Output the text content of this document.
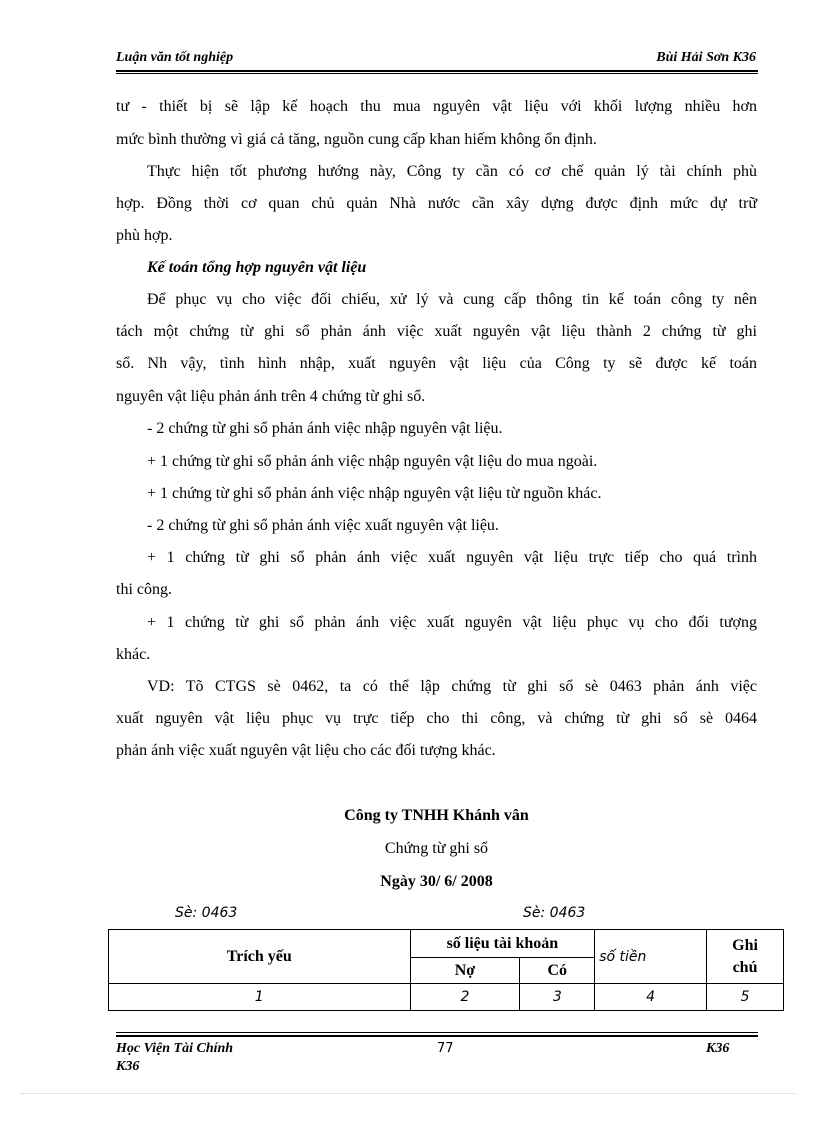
Luận văn tốt nghiệp	Bùi Hải Sơn K36
tư - thiết bị sẽ lập kế hoạch thu mua nguyên vật liệu với khối lượng nhiều hơn
mức bình thường vì giá cả tăng, nguồn cung cấp khan hiếm không ổn định.
Thực hiện tốt phương hướng này, Công ty cần có cơ chế quản lý tài chính phù
hợp. Đồng thời cơ quan chủ quản Nhà nước cần xây dựng được định mức dự trữ
phù hợp.
Kế toán tổng hợp nguyên vật liệu
Để phục vụ cho việc đối chiếu, xử lý và cung cấp thông tin kế toán công ty nên
tách một chứng từ ghi sổ phản ánh việc xuất nguyên vật liệu thành 2 chứng từ ghi
sổ. Nh vậy, tình hình nhập, xuất nguyên vật liệu của Công ty sẽ được kế toán
nguyên vật liệu phản ánh trên 4 chứng từ ghi sổ.
- 2 chứng từ ghi sổ phản ánh việc nhập nguyên vật liệu.
+ 1 chứng từ ghi sổ phản ánh việc nhập nguyên vật liệu do mua ngoài.
+ 1 chứng từ ghi sổ phản ánh việc nhập nguyên vật liệu từ nguồn khác.
- 2 chứng từ ghi sổ phản ánh việc xuất nguyên vật liệu.
+ 1 chứng từ ghi sổ phản ánh việc xuất nguyên vật liệu trực tiếp cho quá trình
thi công.
+ 1 chứng từ ghi sổ phản ánh việc xuất nguyên vật liệu phục vụ cho đối tượng
khác.
VD: Tõ CTGS sè 0462, ta có thể lập chứng từ ghi sổ sè 0463 phản ánh việc
xuất nguyên vật liệu phục vụ trực tiếp cho thi công, và chứng từ ghi sổ sè 0464
phản ánh việc xuất nguyên vật liệu cho các đối tượng khác.
Công ty TNHH Khánh vân
Chứng từ ghi sổ
Ngày 30/ 6/ 2008
Sè: 0463	Sè: 0463
Trích yếu	số liệu tài khoản		số tiền	Ghi
chú
	Nợ	Có		
1	2	3	4	5
Học Viện Tài Chính
K36
77	K36
